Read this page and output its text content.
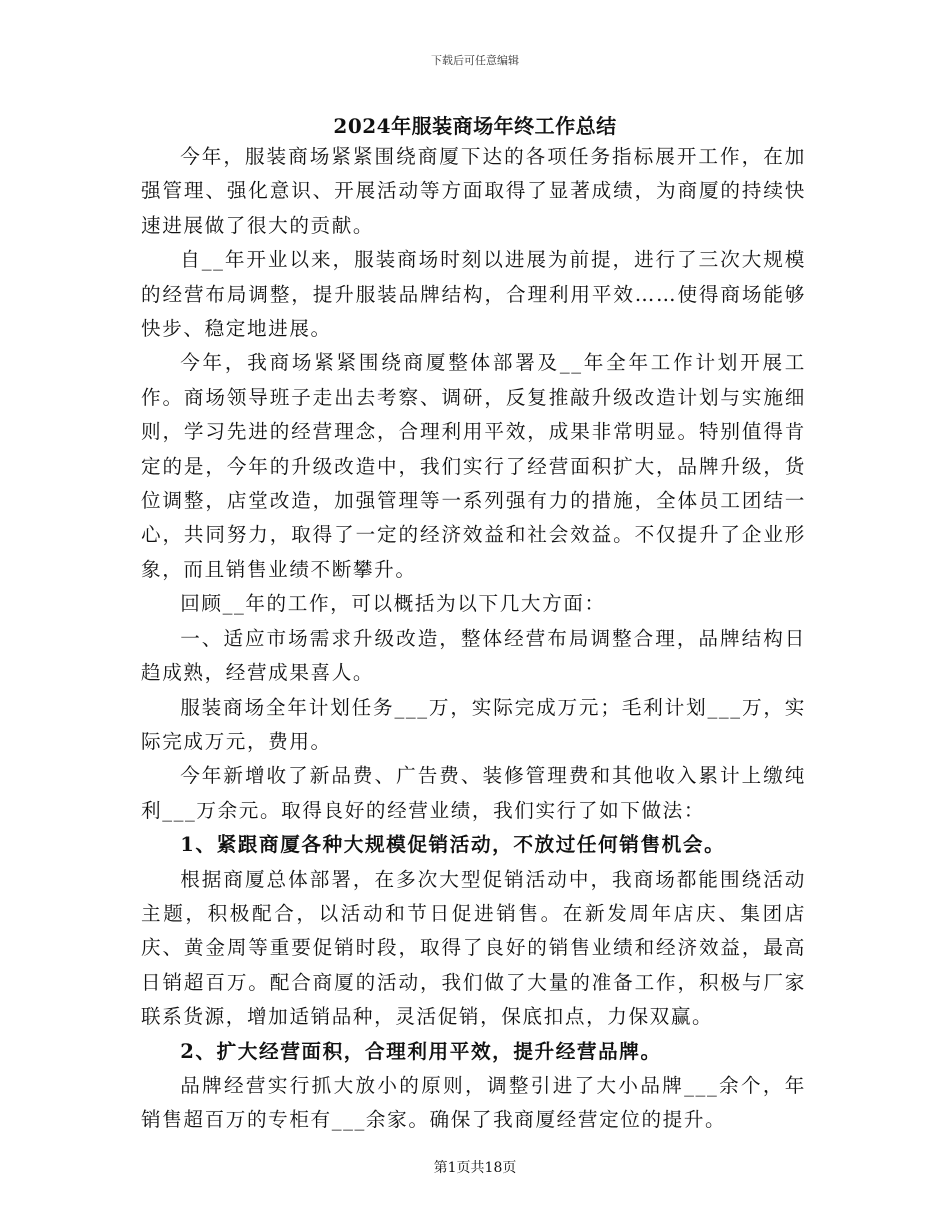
下载后可任意编辑
2024年服装商场年终工作总结

今年，服装商场紧紧围绕商厦下达的各项任务指标展开工作，在加强管理、强化意识、开展活动等方面取得了显著成绩，为商厦的持续快速进展做了很大的贡献。

自__年开业以来，服装商场时刻以进展为前提，进行了三次大规模的经营布局调整，提升服装品牌结构，合理利用平效……使得商场能够快步、稳定地进展。

今年，我商场紧紧围绕商厦整体部署及__年全年工作计划开展工作。商场领导班子走出去考察、调研，反复推敲升级改造计划与实施细则，学习先进的经营理念，合理利用平效，成果非常明显。特别值得肯定的是，今年的升级改造中，我们实行了经营面积扩大，品牌升级，货位调整，店堂改造，加强管理等一系列强有力的措施，全体员工团结一心，共同努力，取得了一定的经济效益和社会效益。不仅提升了企业形象，而且销售业绩不断攀升。

回顾__年的工作，可以概括为以下几大方面：

一、适应市场需求升级改造，整体经营布局调整合理，品牌结构日趋成熟，经营成果喜人。

服装商场全年计划任务___万，实际完成万元；毛利计划___万，实际完成万元，费用。

今年新增收了新品费、广告费、装修管理费和其他收入累计上缴纯利___万余元。取得良好的经营业绩，我们实行了如下做法：

1、紧跟商厦各种大规模促销活动，不放过任何销售机会。

根据商厦总体部署，在多次大型促销活动中，我商场都能围绕活动主题，积极配合，以活动和节日促进销售。在新发周年店庆、集团店庆、黄金周等重要促销时段，取得了良好的销售业绩和经济效益，最高日销超百万。配合商厦的活动，我们做了大量的准备工作，积极与厂家联系货源，增加适销品种，灵活促销，保底扣点，力保双赢。

2、扩大经营面积，合理利用平效，提升经营品牌。

品牌经营实行抓大放小的原则，调整引进了大小品牌___余个，年销售超百万的专柜有___余家。确保了我商厦经营定位的提升。

第1页共18页
